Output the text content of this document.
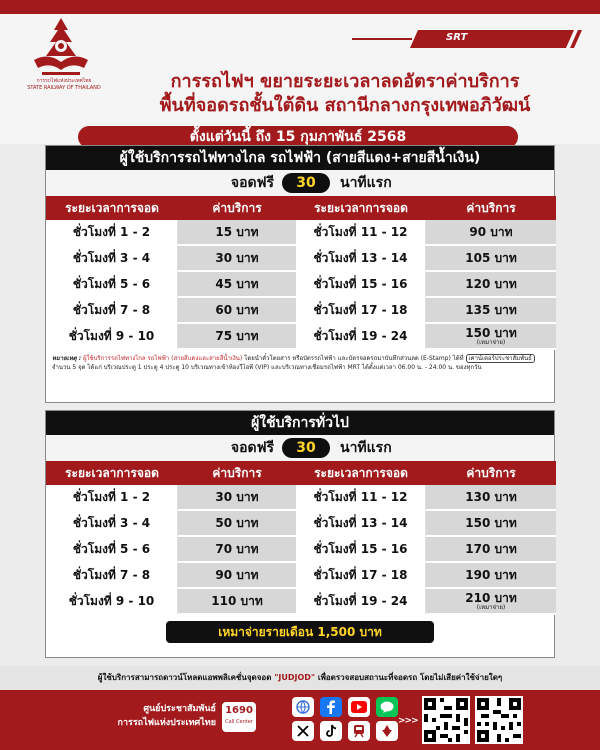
การรถไฟแห่งประเทศไทย
STATE RAILWAY OF THAILAND
SRT
การรถไฟฯ ขยายระยะเวลาลดอัตราค่าบริการ
พื้นที่จอดรถชั้นใต้ดิน สถานีกลางกรุงเทพอภิวัฒน์
ตั้งแต่วันนี้ ถึง 15 กุมภาพันธ์ 2568
ผู้ใช้บริการรถไฟทางไกล รถไฟฟ้า (สายสีแดง+สายสีน้ำเงิน)
จอดฟรี	30	นาทีแรก
ระยะเวลาการจอด	ค่าบริการ	ระยะเวลาการจอด	ค่าบริการ
ชั่วโมงที่ 1 - 2	15 บาท	ชั่วโมงที่ 11 - 12	90 บาท
ชั่วโมงที่ 3 - 4	30 บาท	ชั่วโมงที่ 13 - 14	105 บาท
ชั่วโมงที่ 5 - 6	45 บาท	ชั่วโมงที่ 15 - 16	120 บาท
ชั่วโมงที่ 7 - 8	60 บาท	ชั่วโมงที่ 17 - 18	135 บาท
ชั่วโมงที่ 9 - 10	75 บาท	ชั่วโมงที่ 19 - 24	150 บาท
(เหมาจ่าย)
หมายเหตุ : ผู้ใช้บริการรถไฟทางไกล รถไฟฟ้า (สายสีแดงและสายสีน้ำเงิน) โดยนำตั๋วโดยสาร หรือบัตรรถไฟฟ้า และบัตรจอดรถมาบันทึกส่วนลด (E-Stamp) ได้ที่ เคาน์เตอร์ประชาสัมพันธ์ จำนวน 5 จุด ได้แก่ บริเวณประตู 1 ประตู 4 ประตู 10 บริเวณทางเข้าห้องวีไอพี (VIP) และบริเวณทางเชื่อมรถไฟฟ้า MRT ได้ตั้งแต่เวลา 06.00 น. - 24.00 น. ของทุกวัน
ผู้ใช้บริการทั่วไป
จอดฟรี	30	นาทีแรก
ระยะเวลาการจอด	ค่าบริการ	ระยะเวลาการจอด	ค่าบริการ
ชั่วโมงที่ 1 - 2	30 บาท	ชั่วโมงที่ 11 - 12	130 บาท
ชั่วโมงที่ 3 - 4	50 บาท	ชั่วโมงที่ 13 - 14	150 บาท
ชั่วโมงที่ 5 - 6	70 บาท	ชั่วโมงที่ 15 - 16	170 บาท
ชั่วโมงที่ 7 - 8	90 บาท	ชั่วโมงที่ 17 - 18	190 บาท
ชั่วโมงที่ 9 - 10	110 บาท	ชั่วโมงที่ 19 - 24	210 บาท
(เหมาจ่าย)
เหมาจ่ายรายเดือน 1,500 บาท
ผู้ใช้บริการสามารถดาวน์โหลดแอพพลิเคชั่นจุดจอด "JUDJOD" เพื่อตรวจสอบสถานะที่จอดรถ โดยไม่เสียค่าใช้จ่ายใดๆ
ศูนย์ประชาสัมพันธ์
การรถไฟแห่งประเทศไทย
1690
Call Center	>>>
